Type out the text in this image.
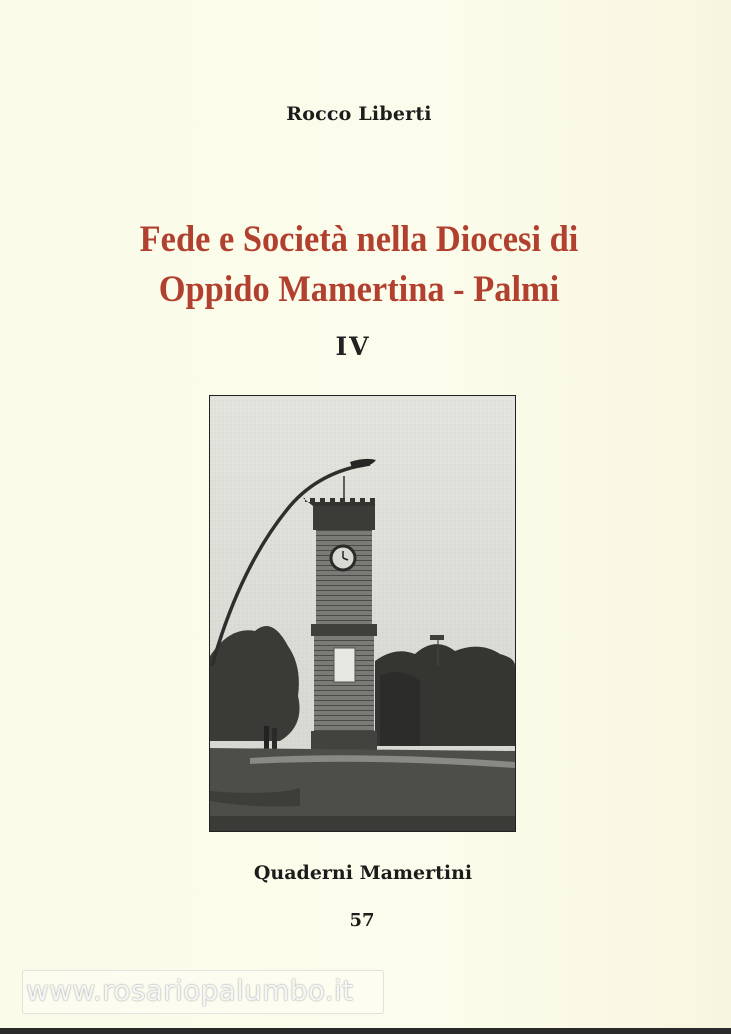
Rocco Liberti
Fede e Società nella Diocesi di
Oppido Mamertina - Palmi
IV
Quaderni Mamertini
57
www.rosariopalumbo.it
